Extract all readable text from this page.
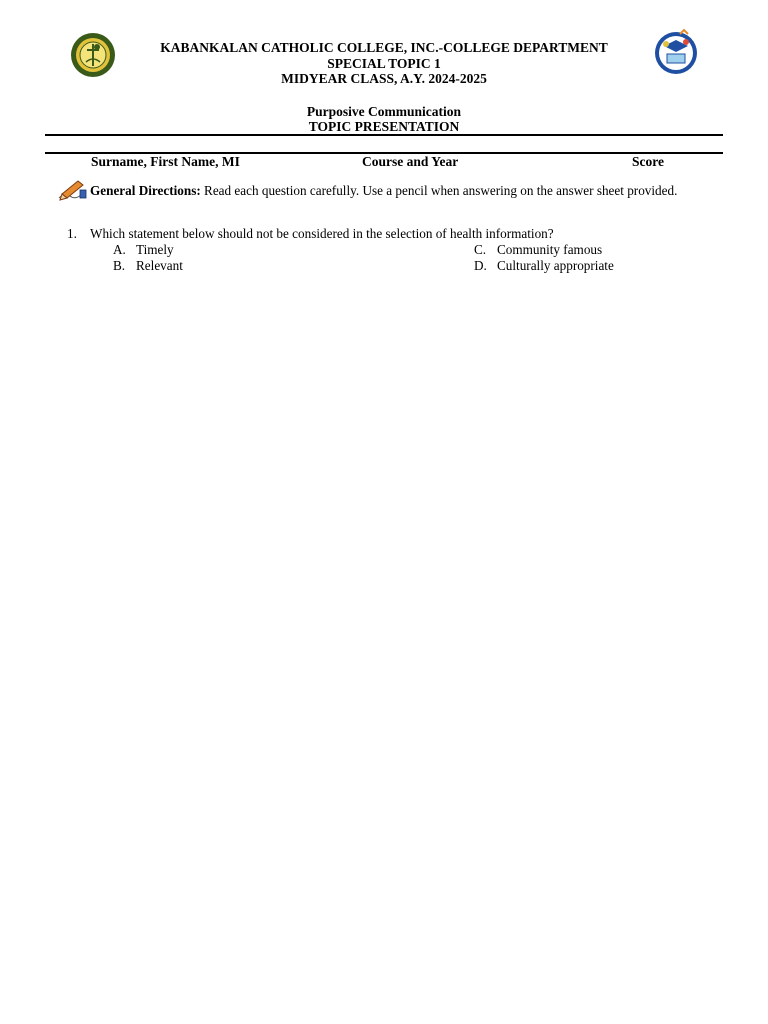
KABANKALAN CATHOLIC COLLEGE, INC.-COLLEGE DEPARTMENT
SPECIAL TOPIC 1
MIDYEAR CLASS, A.Y. 2024-2025
Purposive Communication
TOPIC PRESENTATION
Surname, First Name, MI	Course and Year	Score
General Directions: Read each question carefully. Use a pencil when answering on the answer sheet provided.
1. Which statement below should not be considered in the selection of health information?
A. Timely
B. Relevant
C. Community famous
D. Culturally appropriate
